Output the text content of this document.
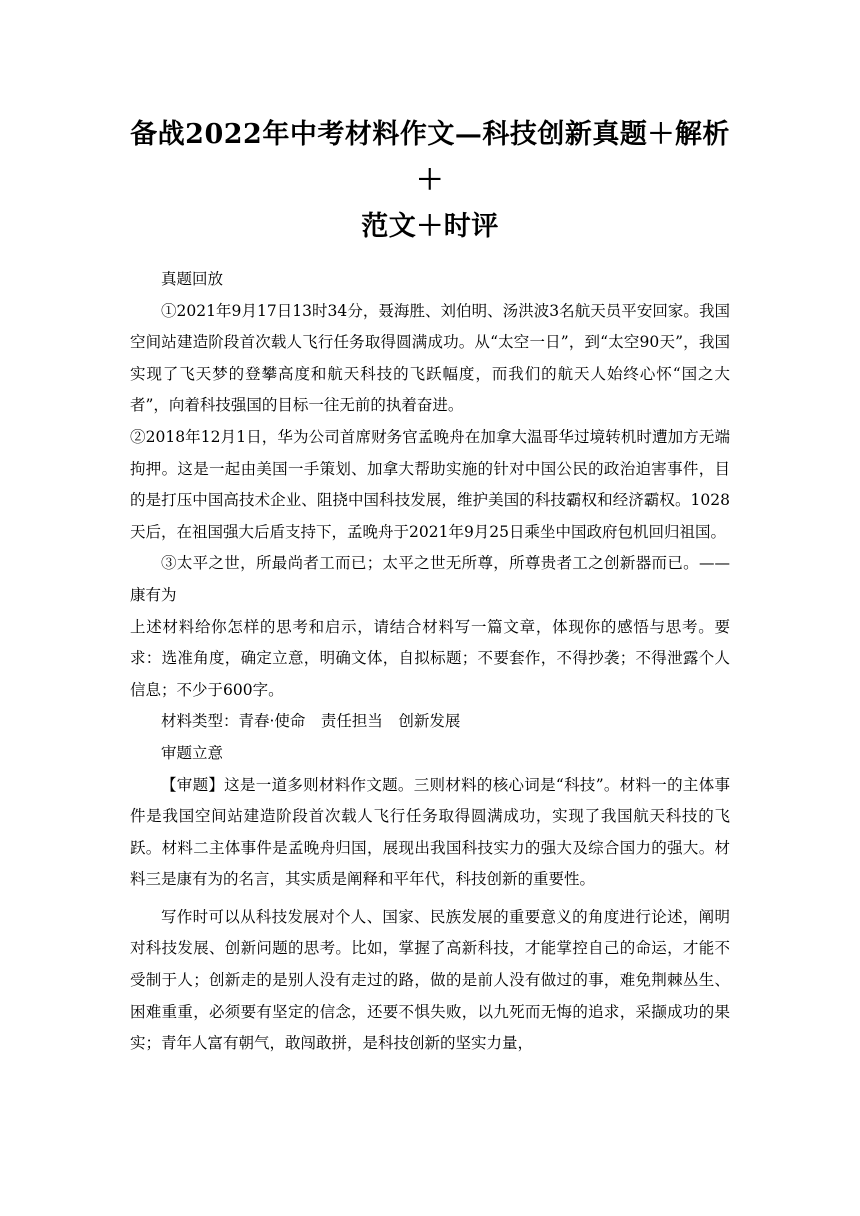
备战2022年中考材料作文—科技创新真题＋解析＋
范文＋时评

真题回放

①2021年9月17日13时34分，聂海胜、刘伯明、汤洪波3名航天员平安回家。我国空间站建造阶段首次载人飞行任务取得圆满成功。从“太空一日”，到“太空90天”，我国实现了飞天梦的登攀高度和航天科技的飞跃幅度，而我们的航天人始终心怀“国之大者”，向着科技强国的目标一往无前的执着奋进。

②2018年12月1日，华为公司首席财务官孟晚舟在加拿大温哥华过境转机时遭加方无端拘押。这是一起由美国一手策划、加拿大帮助实施的针对中国公民的政治迫害事件，目的是打压中国高技术企业、阻挠中国科技发展，维护美国的科技霸权和经济霸权。1028天后，在祖国强大后盾支持下，孟晚舟于2021年9月25日乘坐中国政府包机回归祖国。

③太平之世，所最尚者工而已；太平之世无所尊，所尊贵者工之创新器而已。——康有为

上述材料给你怎样的思考和启示，请结合材料写一篇文章，体现你的感悟与思考。要求：选准角度，确定立意，明确文体，自拟标题；不要套作，不得抄袭；不得泄露个人信息；不少于600字。

材料类型：青春·使命　责任担当　创新发展

审题立意

【审题】这是一道多则材料作文题。三则材料的核心词是“科技”。材料一的主体事件是我国空间站建造阶段首次载人飞行任务取得圆满成功，实现了我国航天科技的飞跃。材料二主体事件是孟晚舟归国，展现出我国科技实力的强大及综合国力的强大。材料三是康有为的名言，其实质是阐释和平年代，科技创新的重要性。

写作时可以从科技发展对个人、国家、民族发展的重要意义的角度进行论述，阐明对科技发展、创新问题的思考。比如，掌握了高新科技，才能掌控自己的命运，才能不受制于人；创新走的是别人没有走过的路，做的是前人没有做过的事，难免荆棘丛生、困难重重，必须要有坚定的信念，还要不惧失败，以九死而无悔的追求，采撷成功的果实；青年人富有朝气，敢闯敢拼，是科技创新的坚实力量，
